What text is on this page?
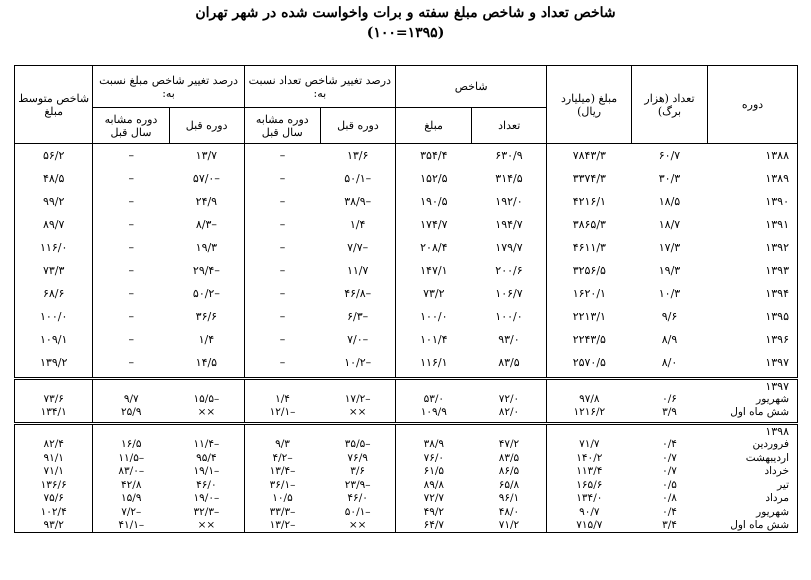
شاخص تعداد و شاخص مبلغ سفته و برات واخواست شده در شهر تهران
(۱۳۹۵=۱۰۰)
دوره	تعداد (هزار برگ)	مبلغ (میلیارد ریال)	شاخص		درصد تغییر شاخص تعداد نسبت به:		درصد تغییر شاخص مبلغ نسبت به:		شاخص متوسط مبلغ
			تعداد	مبلغ	دوره قبل	دوره مشابه سال قبل	دوره قبل	دوره مشابه سال قبل	
۱۳۸۸	۶۰/۷	۷۸۴۳/۳	۶۳۰/۹	۳۵۴/۴	۱۳/۶	–	۱۳/۷	–	۵۶/۲
۱۳۸۹	۳۰/۳	۳۳۷۴/۳	۳۱۴/۵	۱۵۲/۵	–۵۰/۱	–	–۵۷/۰	–	۴۸/۵
۱۳۹۰	۱۸/۵	۴۲۱۶/۱	۱۹۲/۰	۱۹۰/۵	–۳۸/۹	–	۲۴/۹	–	۹۹/۲
۱۳۹۱	۱۸/۷	۳۸۶۵/۳	۱۹۴/۷	۱۷۴/۷	۱/۴	–	–۸/۳	–	۸۹/۷
۱۳۹۲	۱۷/۳	۴۶۱۱/۳	۱۷۹/۷	۲۰۸/۴	–۷/۷	–	۱۹/۳	–	۱۱۶/۰
۱۳۹۳	۱۹/۳	۳۲۵۶/۵	۲۰۰/۶	۱۴۷/۱	۱۱/۷	–	–۲۹/۴	–	۷۳/۳
۱۳۹۴	۱۰/۳	۱۶۲۰/۱	۱۰۶/۷	۷۳/۲	–۴۶/۸	–	–۵۰/۲	–	۶۸/۶
۱۳۹۵	۹/۶	۲۲۱۳/۱	۱۰۰/۰	۱۰۰/۰	–۶/۳	–	۳۶/۶	–	۱۰۰/۰
۱۳۹۶	۸/۹	۲۲۴۳/۵	۹۳/۰	۱۰۱/۴	–۷/۰	–	۱/۴	–	۱۰۹/۱
۱۳۹۷	۸/۰	۲۵۷۰/۵	۸۳/۵	۱۱۶/۱	–۱۰/۲	–	۱۴/۵	–	۱۳۹/۲

۱۳۹۷									
شهریور	۰/۶	۹۷/۸	۷۲/۰	۵۳/۰	–۱۷/۲	۱/۴	–۱۵/۵	۹/۷	۷۳/۶
شش ماه اول	۳/۹	۱۲۱۶/۲	۸۲/۰	۱۰۹/۹	××	–۱۲/۱	××	۲۵/۹	۱۳۴/۱

۱۳۹۸									
فروردین	۰/۴	۷۱/۷	۴۷/۲	۳۸/۹	–۳۵/۵	۹/۳	–۱۱/۴	۱۶/۵	۸۲/۴
اردیبهشت	۰/۷	۱۴۰/۲	۸۳/۵	۷۶/۰	۷۶/۹	–۴/۲	۹۵/۴	–۱۱/۵	۹۱/۱
خرداد	۰/۷	۱۱۳/۴	۸۶/۵	۶۱/۵	۳/۶	–۱۳/۴	–۱۹/۱	–۸۳/۰	۷۱/۱
تیر	۰/۵	۱۶۵/۶	۶۵/۸	۸۹/۸	–۲۳/۹	–۳۶/۱	۴۶/۰	۴۲/۸	۱۳۶/۶
مرداد	۰/۸	۱۳۴/۰	۹۶/۱	۷۲/۷	۴۶/۰	۱۰/۵	–۱۹/۰	۱۵/۹	۷۵/۶
شهریور	۰/۴	۹۰/۷	۴۸/۰	۴۹/۲	–۵۰/۱	–۳۳/۳	–۳۲/۳	–۷/۲	۱۰۲/۴
شش ماه اول	۳/۴	۷۱۵/۷	۷۱/۲	۶۴/۷	××	–۱۳/۲	××	–۴۱/۱	۹۳/۲
